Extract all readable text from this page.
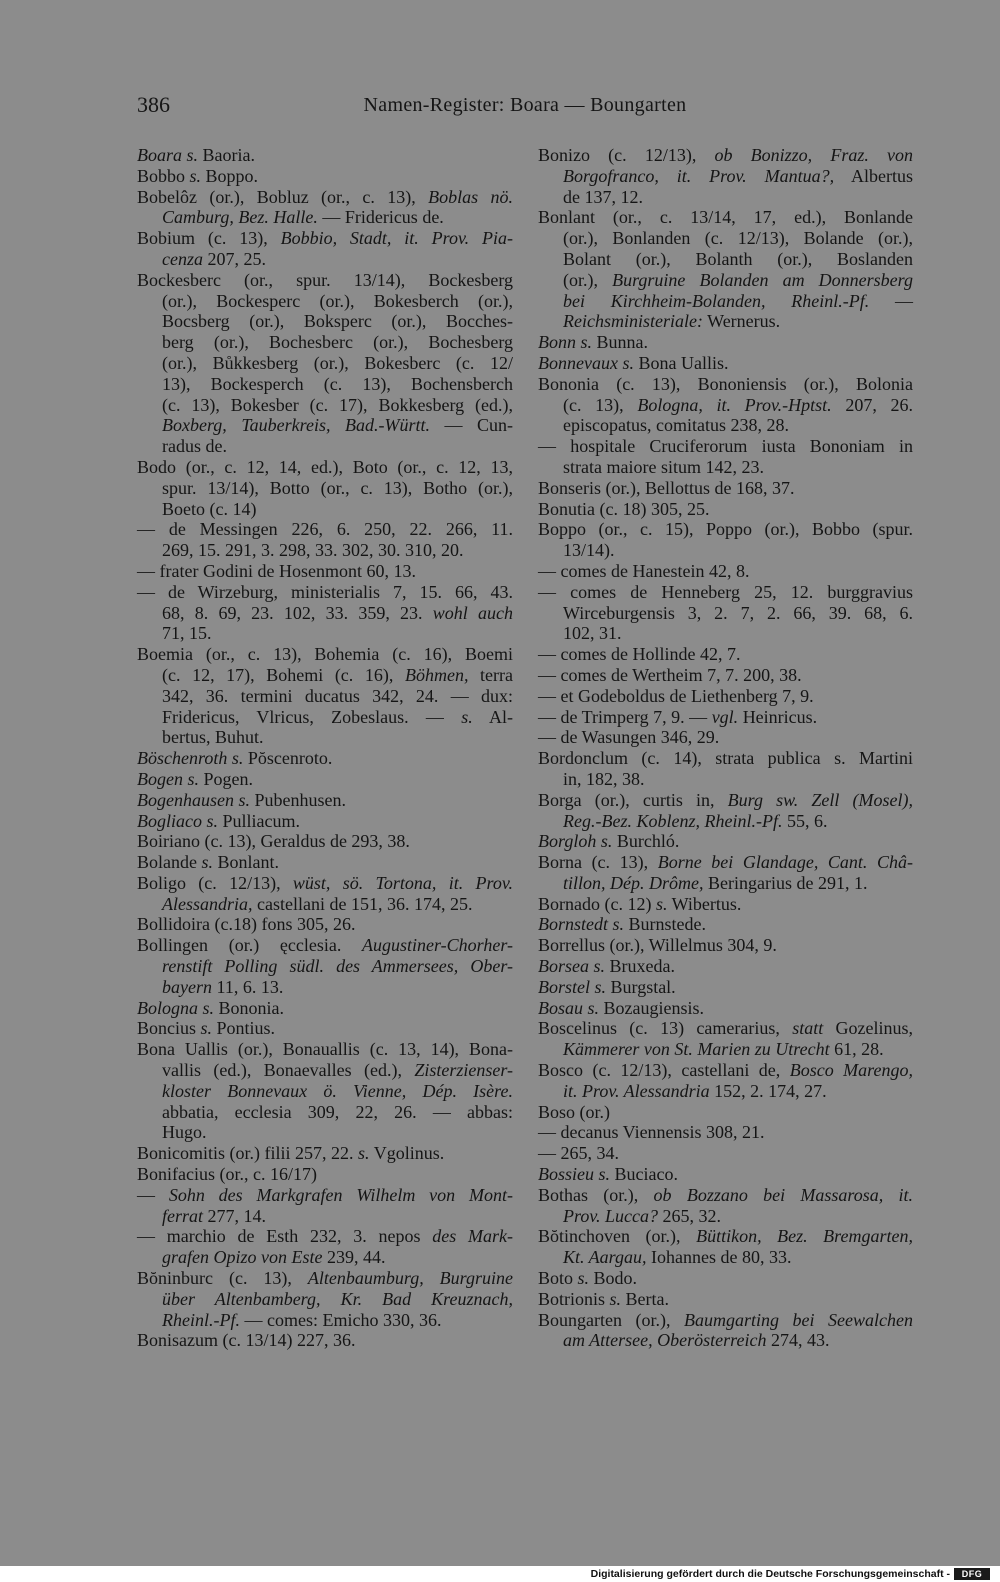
386	Namen-Register: Boara — Boungarten
Boara s. Baoria.
Bobbo s. Boppo.
Bobelôz (or.), Bobluz (or., c. 13), Boblas nö.
Camburg, Bez. Halle. — Fridericus de.
Bobium (c. 13), Bobbio, Stadt, it. Prov. Pia-
cenza 207, 25.
Bockesberc (or., spur. 13/14), Bockesberg
(or.), Bockesperc (or.), Bokesberch (or.),
Bocsberg (or.), Boksperc (or.), Bocches-
berg (or.), Bochesberc (or.), Bochesberg
(or.), Bůkkesberg (or.), Bokesberc (c. 12/
13), Bockesperch (c. 13), Bochensberch
(c. 13), Bokesber (c. 17), Bokkesberg (ed.),
Boxberg, Tauberkreis, Bad.-Württ. — Cun-
radus de.
Bodo (or., c. 12, 14, ed.), Boto (or., c. 12, 13,
spur. 13/14), Botto (or., c. 13), Botho (or.),
Boeto (c. 14)
— de Messingen 226, 6. 250, 22. 266, 11.
269, 15. 291, 3. 298, 33. 302, 30. 310, 20.
— frater Godini de Hosenmont 60, 13.
— de Wirzeburg, ministerialis 7, 15. 66, 43.
68, 8. 69, 23. 102, 33. 359, 23. wohl auch
71, 15.
Boemia (or., c. 13), Bohemia (c. 16), Boemi
(c. 12, 17), Bohemi (c. 16), Böhmen, terra
342, 36. termini ducatus 342, 24. — dux:
Fridericus, Vlricus, Zobeslaus. — s. Al-
bertus, Buhut.
Böschenroth s. Pŏscenroto.
Bogen s. Pogen.
Bogenhausen s. Pubenhusen.
Bogliaco s. Pulliacum.
Boiriano (c. 13), Geraldus de 293, 38.
Bolande s. Bonlant.
Boligo (c. 12/13), wüst, sö. Tortona, it. Prov.
Alessandria, castellani de 151, 36. 174, 25.
Bollidoira (c.18) fons 305, 26.
Bollingen (or.) ęcclesia. Augustiner-Chorher-
renstift Polling südl. des Ammersees, Ober-
bayern 11, 6. 13.
Bologna s. Bononia.
Boncius s. Pontius.
Bona Uallis (or.), Bonauallis (c. 13, 14), Bona-
vallis (ed.), Bonaevalles (ed.), Zisterzienser-
kloster Bonnevaux ö. Vienne, Dép. Isère.
abbatia, ecclesia 309, 22, 26. — abbas:
Hugo.
Bonicomitis (or.) filii 257, 22. s. Vgolinus.
Bonifacius (or., c. 16/17)
— Sohn des Markgrafen Wilhelm von Mont-
ferrat 277, 14.
— marchio de Esth 232, 3. nepos des Mark-
grafen Opizo von Este 239, 44.
Bŏninburc (c. 13), Altenbaumburg, Burgruine
über Altenbamberg, Kr. Bad Kreuznach,
Rheinl.-Pf. — comes: Emicho 330, 36.
Bonisazum (c. 13/14) 227, 36.
Bonizo (c. 12/13), ob Bonizzo, Fraz. von
Borgofranco, it. Prov. Mantua?, Albertus
de 137, 12.
Bonlant (or., c. 13/14, 17, ed.), Bonlande
(or.), Bonlanden (c. 12/13), Bolande (or.),
Bolant (or.), Bolanth (or.), Boslanden
(or.), Burgruine Bolanden am Donnersberg
bei Kirchheim-Bolanden, Rheinl.-Pf. —
Reichsministeriale: Wernerus.
Bonn s. Bunna.
Bonnevaux s. Bona Uallis.
Bononia (c. 13), Bononiensis (or.), Bolonia
(c. 13), Bologna, it. Prov.-Hptst. 207, 26.
episcopatus, comitatus 238, 28.
— hospitale Cruciferorum iusta Bononiam in
strata maiore situm 142, 23.
Bonseris (or.), Bellottus de 168, 37.
Bonutia (c. 18) 305, 25.
Boppo (or., c. 15), Poppo (or.), Bobbo (spur.
13/14).
— comes de Hanestein 42, 8.
— comes de Henneberg 25, 12. burggravius
Wirceburgensis 3, 2. 7, 2. 66, 39. 68, 6.
102, 31.
— comes de Hollinde 42, 7.
— comes de Wertheim 7, 7. 200, 38.
— et Godeboldus de Liethenberg 7, 9.
— de Trimperg 7, 9. — vgl. Heinricus.
— de Wasungen 346, 29.
Bordonclum (c. 14), strata publica s. Martini
in, 182, 38.
Borga (or.), curtis in, Burg sw. Zell (Mosel),
Reg.-Bez. Koblenz, Rheinl.-Pf. 55, 6.
Borgloh s. Burchló.
Borna (c. 13), Borne bei Glandage, Cant. Châ-
tillon, Dép. Drôme, Beringarius de 291, 1.
Bornado (c. 12) s. Wibertus.
Bornstedt s. Burnstede.
Borrellus (or.), Willelmus 304, 9.
Borsea s. Bruxeda.
Borstel s. Burgstal.
Bosau s. Bozaugiensis.
Boscelinus (c. 13) camerarius, statt Gozelinus,
Kämmerer von St. Marien zu Utrecht 61, 28.
Bosco (c. 12/13), castellani de, Bosco Marengo,
it. Prov. Alessandria 152, 2. 174, 27.
Boso (or.)
— decanus Viennensis 308, 21.
— 265, 34.
Bossieu s. Buciaco.
Bothas (or.), ob Bozzano bei Massarosa, it.
Prov. Lucca? 265, 32.
Bŏtinchoven (or.), Büttikon, Bez. Bremgarten,
Kt. Aargau, Iohannes de 80, 33.
Boto s. Bodo.
Botrionis s. Berta.
Boungarten (or.), Baumgarting bei Seewalchen
am Attersee, Oberösterreich 274, 43.
Digitalisierung gefördert durch die Deutsche Forschungsgemeinschaft -	DFG
